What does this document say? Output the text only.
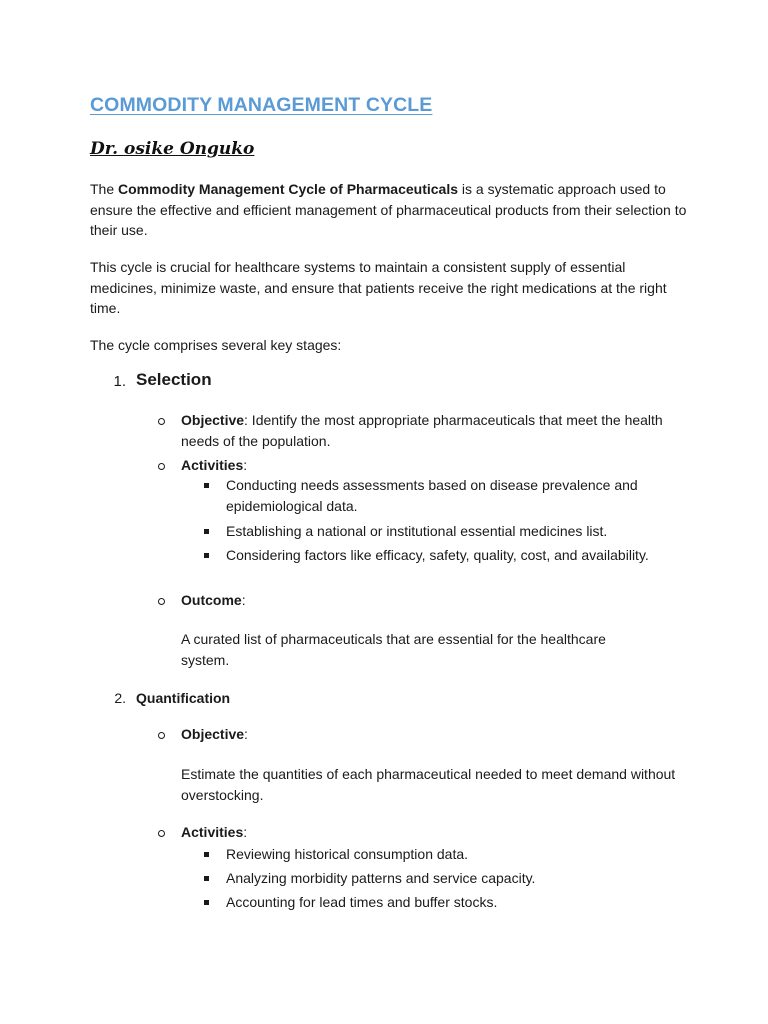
COMMODITY MANAGEMENT CYCLE

Dr. osike Onguko

The Commodity Management Cycle of Pharmaceuticals is a systematic approach used to ensure the effective and efficient management of pharmaceutical products from their selection to their use.

This cycle is crucial for healthcare systems to maintain a consistent supply of essential medicines, minimize waste, and ensure that patients receive the right medications at the right time.

The cycle comprises several key stages:

1. Selection

Objective: Identify the most appropriate pharmaceuticals that meet the health needs of the population.

Activities:

Conducting needs assessments based on disease prevalence and epidemiological data.

Establishing a national or institutional essential medicines list.

Considering factors like efficacy, safety, quality, cost, and availability.

Outcome:

A curated list of pharmaceuticals that are essential for the healthcare system.

2. Quantification

Objective:

Estimate the quantities of each pharmaceutical needed to meet demand without overstocking.

Activities:

Reviewing historical consumption data.

Analyzing morbidity patterns and service capacity.

Accounting for lead times and buffer stocks.
